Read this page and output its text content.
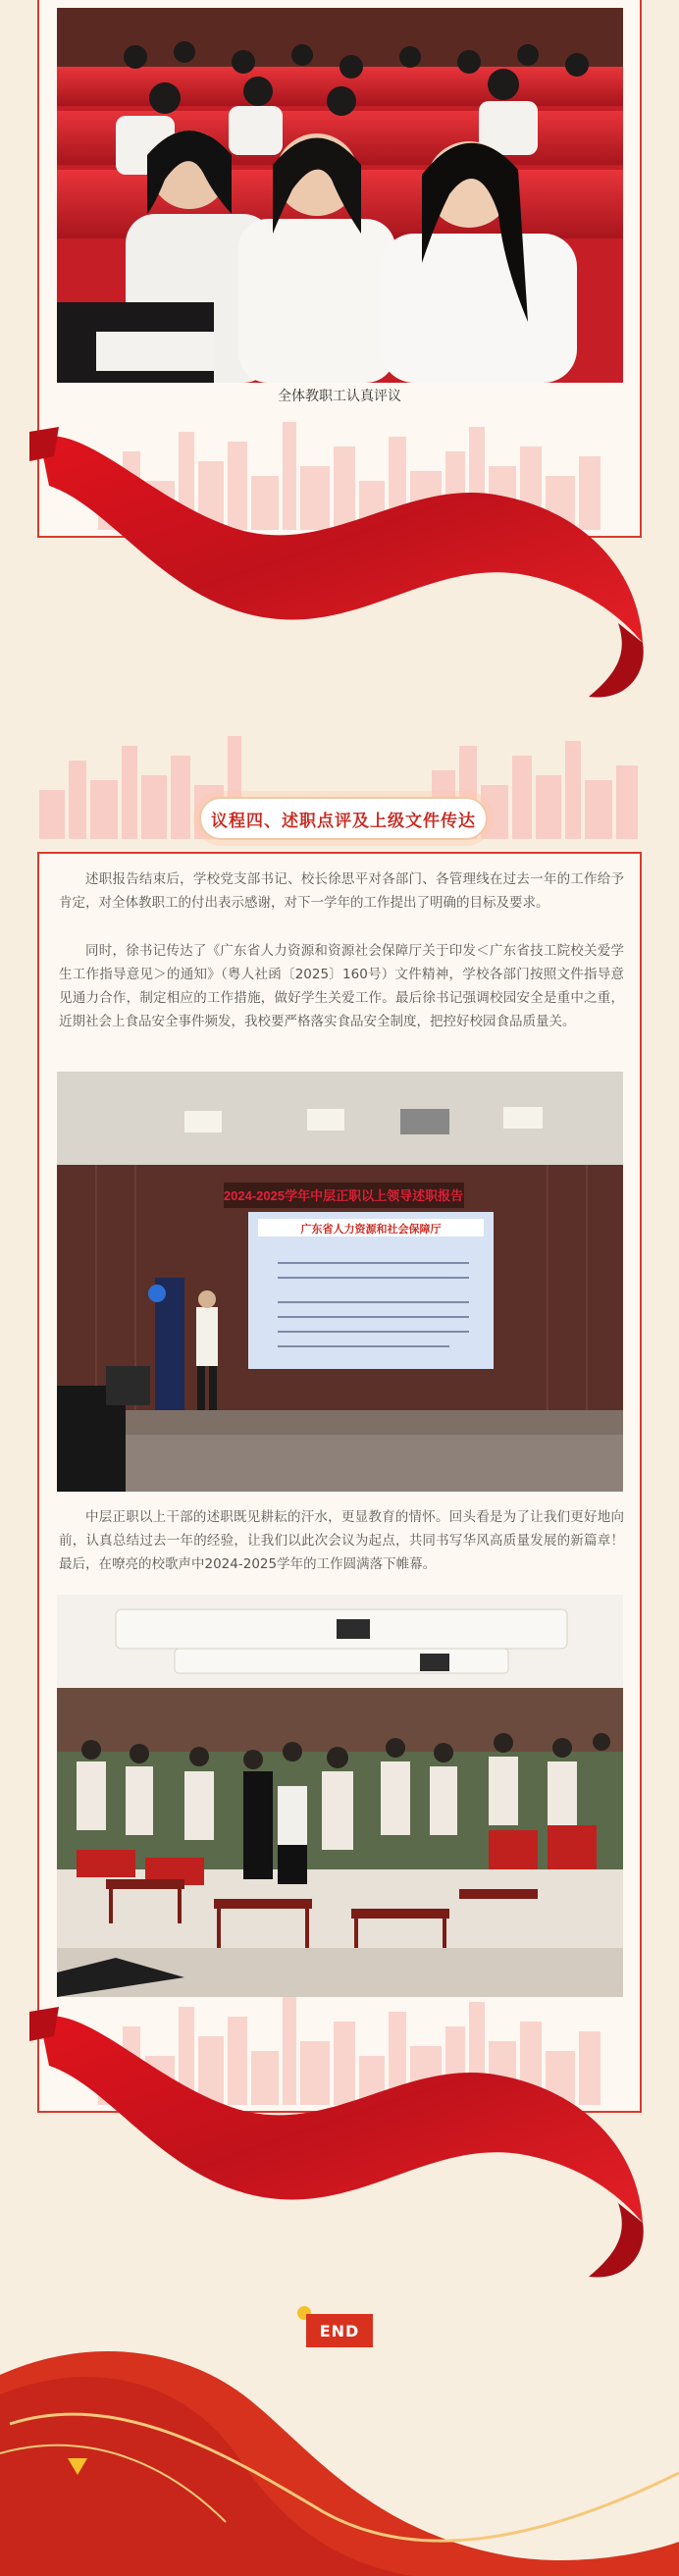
全体教职工认真评议
议程四、述职点评及上级文件传达

述职报告结束后，学校党支部书记、校长徐思平对各部门、各管理线在过去一年的工作给予肯定，对全体教职工的付出表示感谢，对下一学年的工作提出了明确的目标及要求。

同时，徐书记传达了《广东省人力资源和资源社会保障厅关于印发＜广东省技工院校关爱学生工作指导意见＞的通知》（粤人社函〔2025〕160号）文件精神，学校各部门按照文件指导意见通力合作，制定相应的工作措施，做好学生关爱工作。最后徐书记强调校园安全是重中之重，近期社会上食品安全事件频发，我校要严格落实食品安全制度，把控好校园食品质量关。

2024-2025学年中层正职以上领导述职报告
广东省人力资源和社会保障厅

中层正职以上干部的述职既见耕耘的汗水，更显教育的情怀。回头看是为了让我们更好地向前，认真总结过去一年的经验，让我们以此次会议为起点，共同书写华风高质量发展的新篇章！最后，在嘹亮的校歌声中2024-2025学年的工作圆满落下帷幕。

END
